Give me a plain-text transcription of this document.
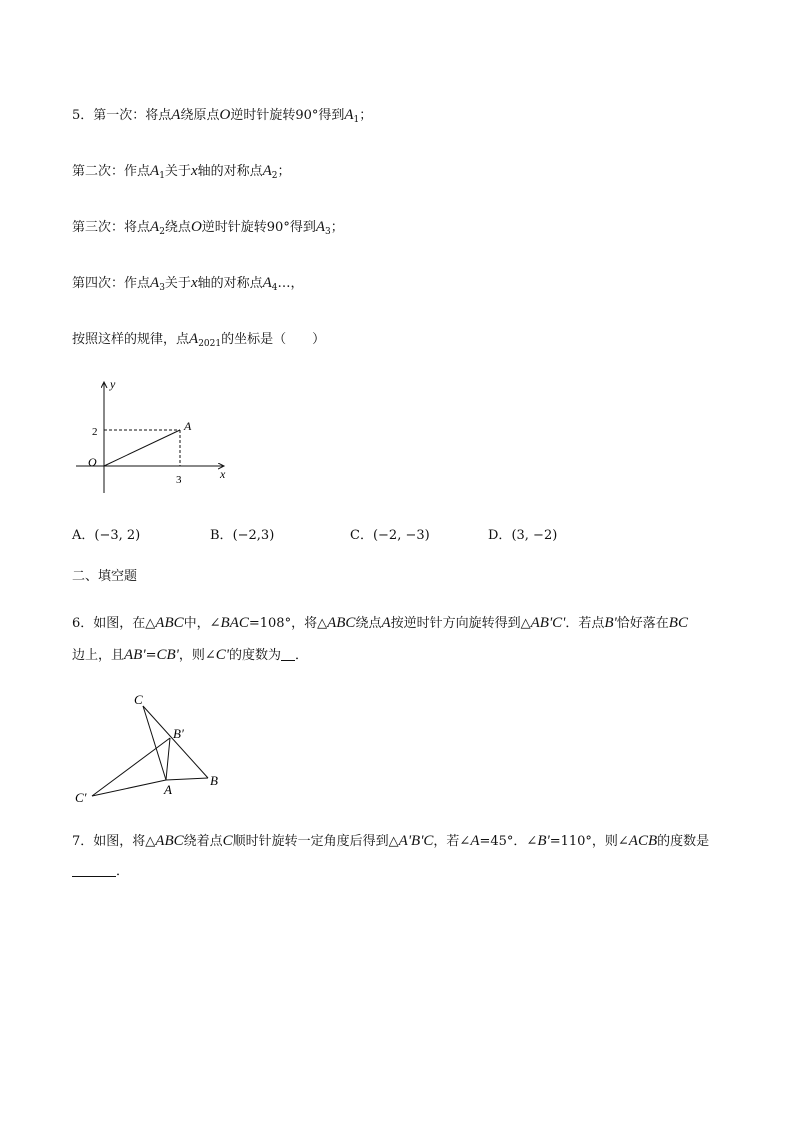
5．第一次：将点A绕原点O逆时针旋转90°得到$A_1$；
第二次：作点$A_1$关于x轴的对称点$A_2$；
第三次：将点$A_2$绕点O逆时针旋转90°得到$A_3$；
第四次：作点$A_3$关于x轴的对称点$A_4\dots$，
按照这样的规律，点$A_{2021}$的坐标是（　　）
y
x
O
A
2
3
A．(−3, 2)	B．(−2,3)	C．(−2, −3)	D．(3, −2)
二、填空题
6．如图，在△ABC中，∠BAC=108°，将△ABC绕点A按逆时针方向旋转得到△AB'C'．若点B'恰好落在BC
边上，且AB'=CB'，则∠C'的度数为 ．
C
B′
B
A
C′
7．如图，将△ABC绕着点C顺时针旋转一定角度后得到△A'B'C，若∠A=45°．∠B'=110°，则∠ACB的度数是
．
